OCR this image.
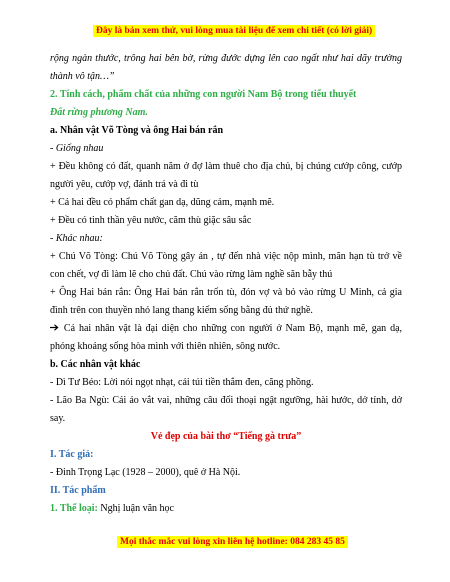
Đây là bản xem thử, vui lòng mua tài liệu để xem chi tiết (có lời giải)

rộng ngàn thước, trông hai bên bờ, rừng đước dựng lên cao ngất như hai dãy trường thành vô tận…”

2. Tính cách, phẩm chất của những con người Nam Bộ trong tiểu thuyết
Đất rừng phương Nam.

a. Nhân vật Võ Tòng và ông Hai bán rắn

- Giống nhau

+ Đều không có đất, quanh năm ở đợ làm thuê cho địa chủ, bị chúng cướp công, cướp người yêu, cướp vợ, đánh trả và đi tù

+ Cả hai đều có phẩm chất gan dạ, dũng cảm, mạnh mẽ.

+ Đều có tinh thần yêu nước, căm thù giặc sâu sắc

- Khác nhau:

+ Chú Võ Tòng: Chú Võ Tòng gây án , tự đến nhà việc nộp mình, mãn hạn tù trở về con chết, vợ đi làm lẽ cho chủ đất. Chú vào rừng làm nghề săn bẫy thú

+ Ông Hai bán rắn: Ông Hai bán rắn trốn tù, đón vợ và bỏ vào rừng U Minh, cả gia đình trên con thuyền nhỏ lang thang kiếm sống bằng đủ thứ nghề.

Cả hai nhân vật là đại diện cho những con người ở Nam Bộ, mạnh mẽ, gan dạ, phóng khoáng sống hòa mình với thiên nhiên, sông nước.

b. Các nhân vật khác

- Dì Tư Béo: Lời nói ngọt nhạt, cái túi tiền thắm đen, căng phồng.

- Lão Ba Ngù: Cái áo vắt vai, những câu đối thoại ngật ngưỡng, hài hước, dở tỉnh, dở say.

Vẻ đẹp của bài thơ “Tiếng gà trưa”

I. Tác giả:

- Đinh Trọng Lạc (1928 – 2000), quê ở Hà Nội.

II. Tác phẩm

1. Thể loại: Nghị luận văn học

Mọi thắc mắc vui lòng xin liên hệ hotline: 084 283 45 85
